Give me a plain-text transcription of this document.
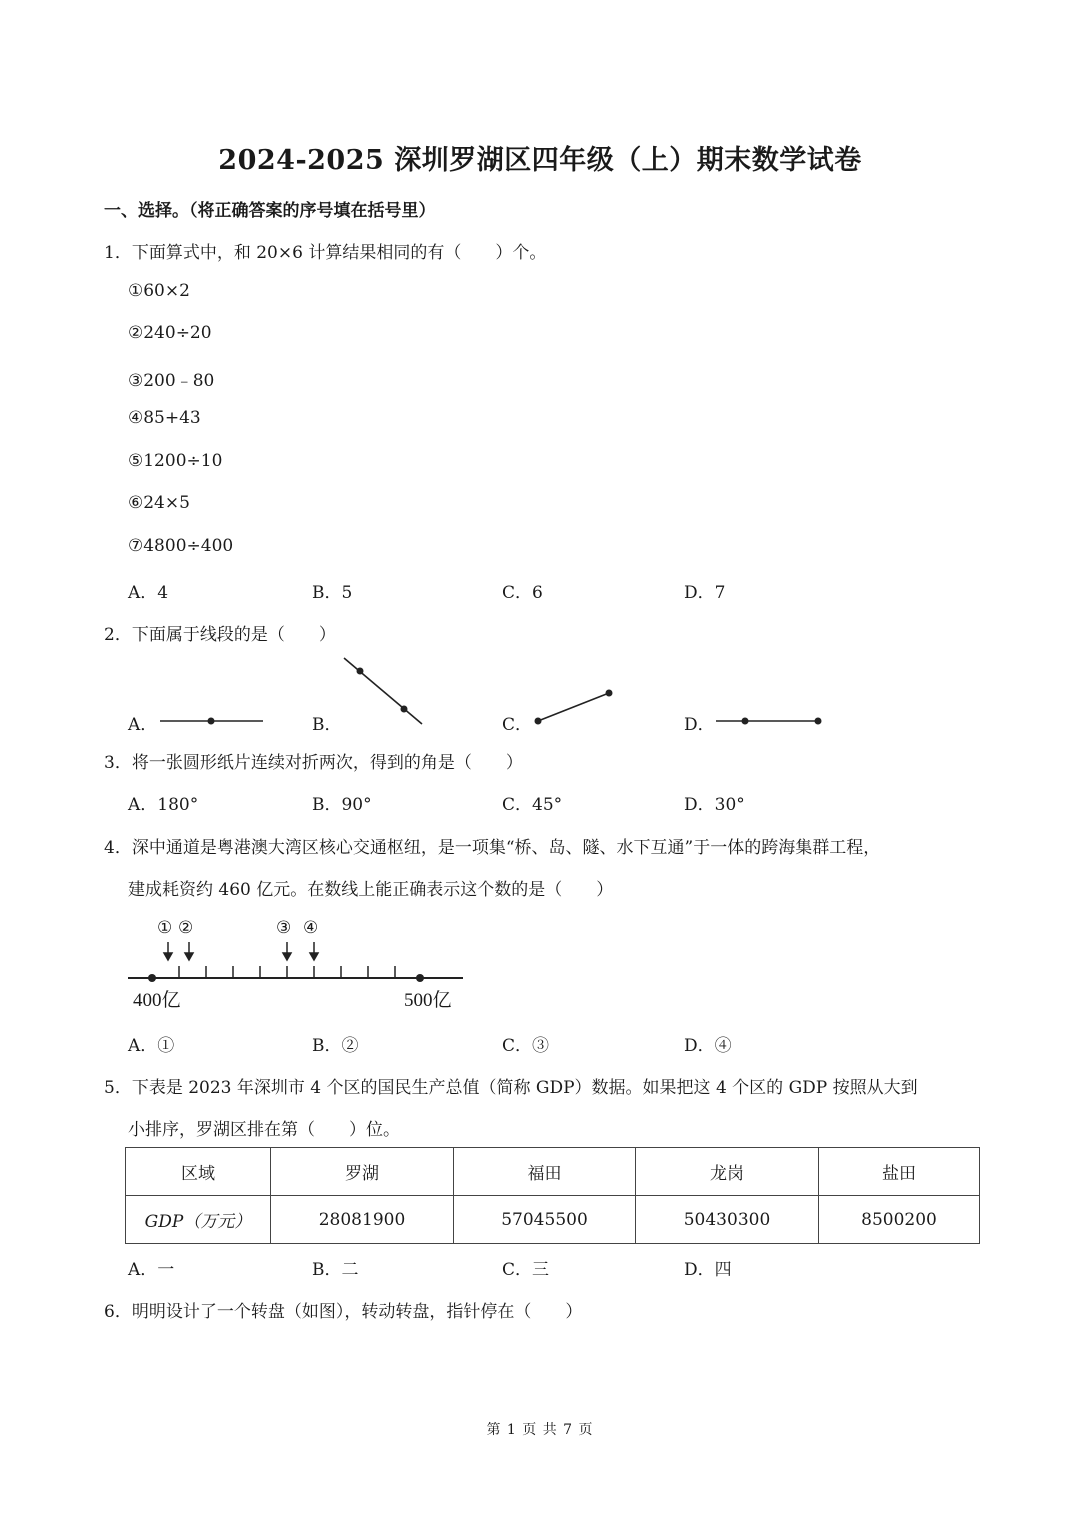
2024-2025 深圳罗湖区四年级（上）期末数学试卷
一、选择。（将正确答案的序号填在括号里）
1．下面算式中，和 20×6 计算结果相同的有（　　）个。
①60×2
②240÷20
③200﹣80
④85+43
⑤1200÷10
⑥24×5
⑦4800÷400
A．4	B．5	C．6	D．7
2．下面属于线段的是（　　）
A．	B．	C．	D．
3．将一张圆形纸片连续对折两次，得到的角是（　　）
A．180°	B．90°	C．45°	D．30°
4．深中通道是粤港澳大湾区核心交通枢纽，是一项集“桥、岛、隧、水下互通”于一体的跨海集群工程，
建成耗资约 460 亿元。在数线上能正确表示这个数的是（　　）
① ②	③ ④
400亿	500亿
A．①	B．②	C．③	D．④
5．下表是 2023 年深圳市 4 个区的国民生产总值（简称 GDP）数据。如果把这 4 个区的 GDP 按照从大到
小排序，罗湖区排在第（　　）位。
区域	罗湖	福田	龙岗	盐田
GDP（万元）	28081900	57045500	50430300	8500200
A．一	B．二	C．三	D．四
6．明明设计了一个转盘（如图），转动转盘，指针停在（　　）
第 1 页 共 7 页
